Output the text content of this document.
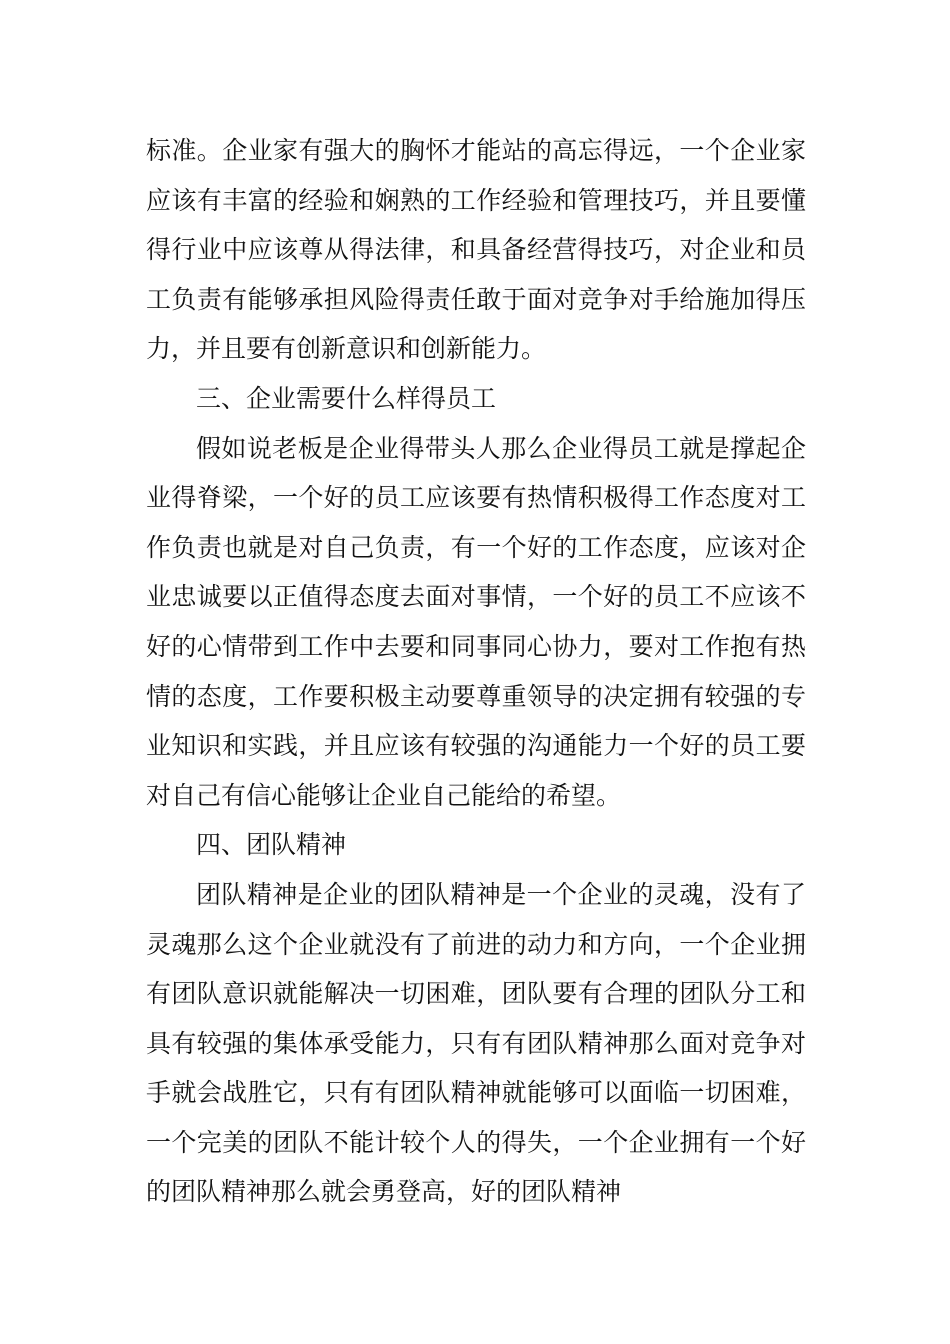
标准。企业家有强大的胸怀才能站的高忘得远，一个企业家应该有丰富的经验和娴熟的工作经验和管理技巧，并且要懂得行业中应该尊从得法律，和具备经营得技巧，对企业和员工负责有能够承担风险得责任敢于面对竞争对手给施加得压力，并且要有创新意识和创新能力。

三、企业需要什么样得员工

假如说老板是企业得带头人那么企业得员工就是撑起企业得脊梁，一个好的员工应该要有热情积极得工作态度对工作负责也就是对自己负责，有一个好的工作态度，应该对企业忠诚要以正值得态度去面对事情，一个好的员工不应该不好的心情带到工作中去要和同事同心协力，要对工作抱有热情的态度，工作要积极主动要尊重领导的决定拥有较强的专业知识和实践，并且应该有较强的沟通能力一个好的员工要对自己有信心能够让企业自己能给的希望。

四、团队精神

团队精神是企业的团队精神是一个企业的灵魂，没有了灵魂那么这个企业就没有了前进的动力和方向，一个企业拥有团队意识就能解决一切困难，团队要有合理的团队分工和具有较强的集体承受能力，只有有团队精神那么面对竞争对手就会战胜它，只有有团队精神就能够可以面临一切困难，一个完美的团队不能计较个人的得失，一个企业拥有一个好的团队精神那么就会勇登高，好的团队精神
